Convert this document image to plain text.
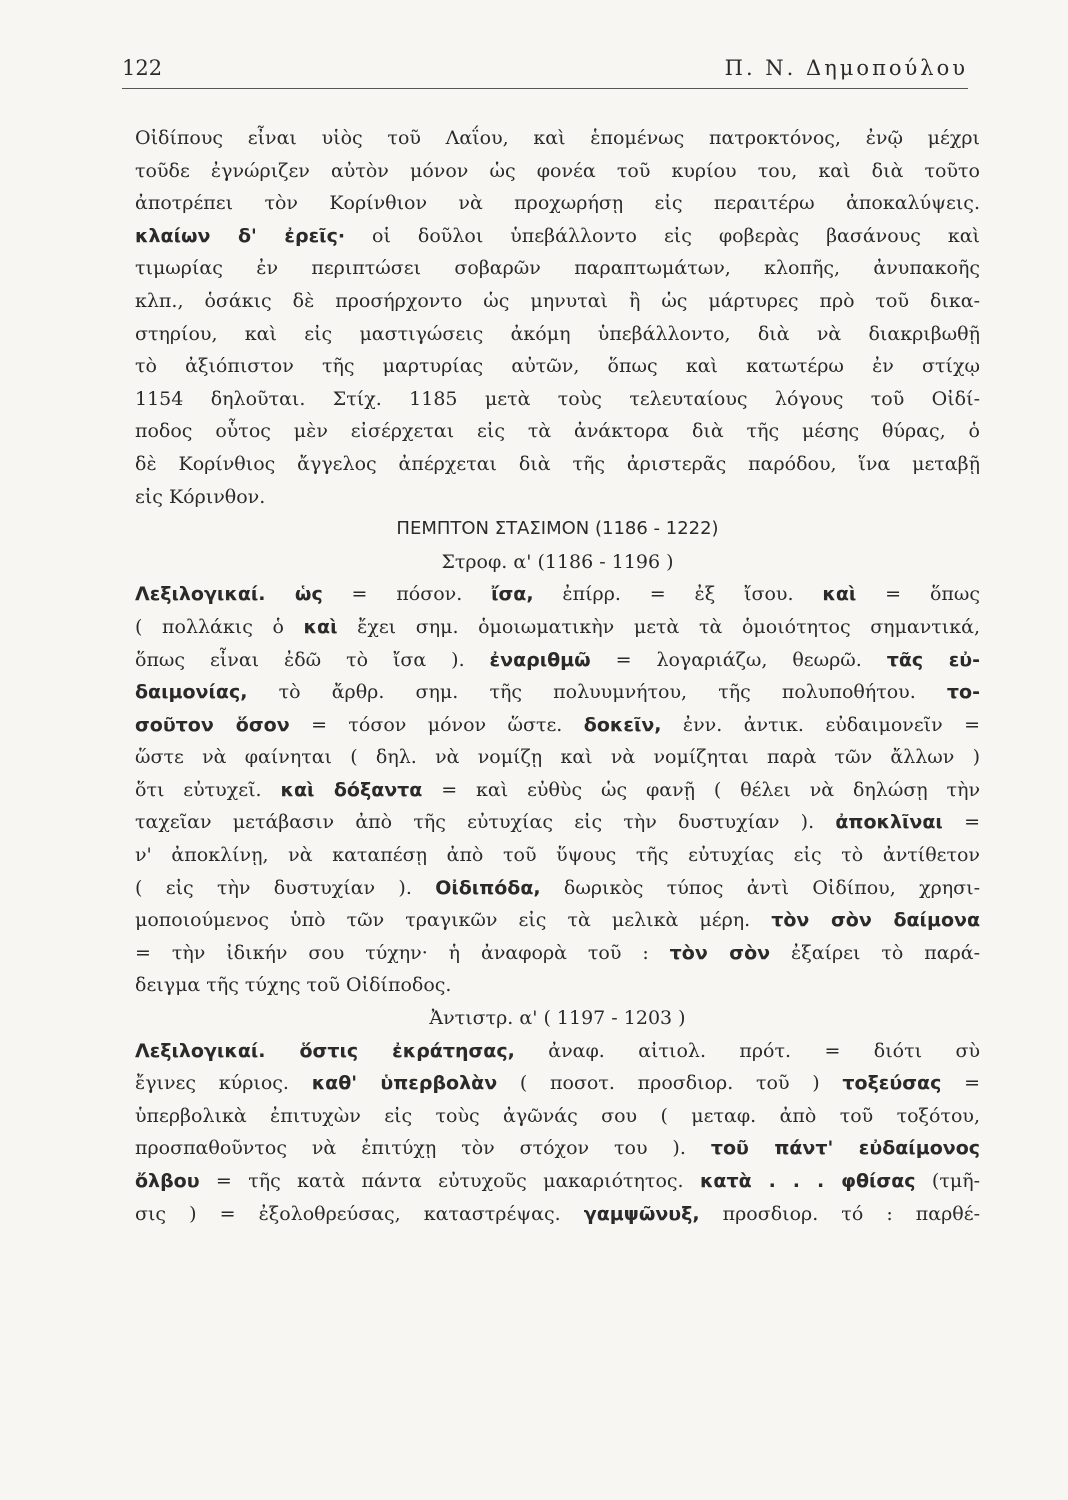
122	Π. Ν. Δημοπούλου
Οἰδίπους εἶναι υἱὸς τοῦ Λαΐου, καὶ ἑπομένως πατροκτόνος, ἐνῷ μέχρι
τοῦδε ἐγνώριζεν αὐτὸν μόνον ὡς φονέα τοῦ κυρίου του, καὶ διὰ τοῦτο
ἀποτρέπει τὸν Κορίνθιον νὰ προχωρήσῃ εἰς περαιτέρω ἀποκαλύψεις.
κλαίων δ' ἐρεῖς· οἱ δοῦλοι ὑπεβάλλοντο εἰς φοβερὰς βασάνους καὶ
τιμωρίας ἐν περιπτώσει σοβαρῶν παραπτωμάτων, κλοπῆς, ἀνυπακοῆς
κλπ., ὁσάκις δὲ προσήρχοντο ὡς μηνυταὶ ἢ ὡς μάρτυρες πρὸ τοῦ δικα-
στηρίου, καὶ εἰς μαστιγώσεις ἀκόμη ὑπεβάλλοντο, διὰ νὰ διακριβωθῇ
τὸ ἀξιόπιστον τῆς μαρτυρίας αὐτῶν, ὅπως καὶ κατωτέρω ἐν στίχῳ
1154 δηλοῦται. Στίχ. 1185 μετὰ τοὺς τελευταίους λόγους τοῦ Οἰδί-
ποδος οὗτος μὲν εἰσέρχεται εἰς τὰ ἀνάκτορα διὰ τῆς μέσης θύρας, ὁ
δὲ Κορίνθιος ἄγγελος ἀπέρχεται διὰ τῆς ἀριστερᾶς παρόδου, ἵνα μεταβῇ
εἰς Κόρινθον.
ΠΕΜΠΤΟΝ ΣΤΑΣΙΜΟΝ (1186 - 1222)
Στροφ. α' (1186 - 1196 )
Λεξιλογικαί. ὡς = πόσον. ἴσα, ἐπίρρ. = ἐξ ἴσου. καὶ = ὅπως
( πολλάκις ὁ καὶ ἔχει σημ. ὁμοιωματικὴν μετὰ τὰ ὁμοιότητος σημαντικά,
ὅπως εἶναι ἐδῶ τὸ ἴσα ). ἐναριθμῶ = λογαριάζω, θεωρῶ. τᾶς εὐ-
δαιμονίας, τὸ ἄρθρ. σημ. τῆς πολυυμνήτου, τῆς πολυποθήτου. το-
σοῦτον ὅσον = τόσον μόνον ὥστε. δοκεῖν, ἐνν. ἀντικ. εὐδαιμονεῖν =
ὥστε νὰ φαίνηται ( δηλ. νὰ νομίζῃ καὶ νὰ νομίζηται παρὰ τῶν ἄλλων )
ὅτι εὐτυχεῖ. καὶ δόξαντα = καὶ εὐθὺς ὡς φανῇ ( θέλει νὰ δηλώσῃ τὴν
ταχεῖαν μετάβασιν ἀπὸ τῆς εὐτυχίας εἰς τὴν δυστυχίαν ). ἀποκλῖναι =
ν' ἀποκλίνῃ, νὰ καταπέσῃ ἀπὸ τοῦ ὕψους τῆς εὐτυχίας εἰς τὸ ἀντίθετον
( εἰς τὴν δυστυχίαν ). Οἰδιπόδα, δωρικὸς τύπος ἀντὶ Οἰδίπου, χρησι-
μοποιούμενος ὑπὸ τῶν τραγικῶν εἰς τὰ μελικὰ μέρη. τὸν σὸν δαίμονα
= τὴν ἰδικήν σου τύχην· ἡ ἀναφορὰ τοῦ : τὸν σὸν ἐξαίρει τὸ παρά-
δειγμα τῆς τύχης τοῦ Οἰδίποδος.
Ἀντιστρ. α' ( 1197 - 1203 )
Λεξιλογικαί. ὅστις ἐκράτησας, ἀναφ. αἰτιολ. πρότ. = διότι σὺ
ἔγινες κύριος. καθ' ὑπερβολὰν ( ποσοτ. προσδιορ. τοῦ ) τοξεύσας =
ὑπερβολικὰ ἐπιτυχὼν εἰς τοὺς ἀγῶνάς σου ( μεταφ. ἀπὸ τοῦ τοξότου,
προσπαθοῦντος νὰ ἐπιτύχῃ τὸν στόχον του ). τοῦ πάντ' εὐδαίμονος
ὄλβου = τῆς κατὰ πάντα εὐτυχοῦς μακαριότητος. κατὰ . . . φθίσας (τμῆ-
σις ) = ἐξολοθρεύσας, καταστρέψας. γαμψῶνυξ, προσδιορ. τό : παρθέ-
